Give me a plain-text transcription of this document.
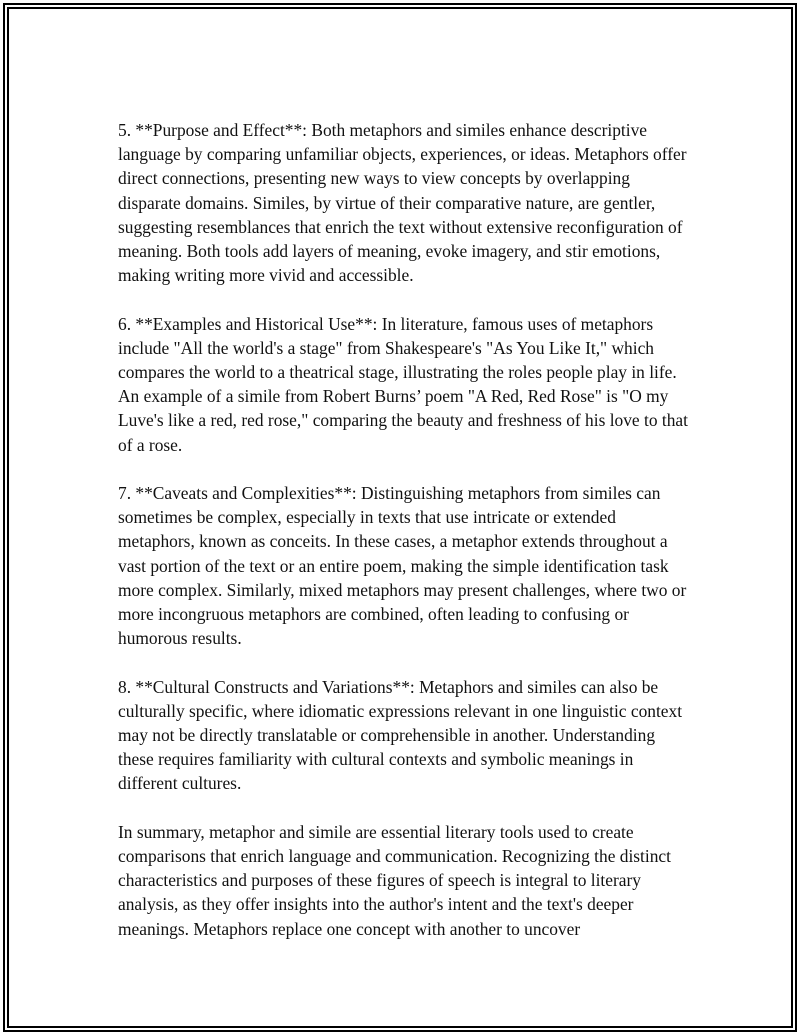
5. **Purpose and Effect**: Both metaphors and similes enhance descriptive language by comparing unfamiliar objects, experiences, or ideas. Metaphors offer direct connections, presenting new ways to view concepts by overlapping disparate domains. Similes, by virtue of their comparative nature, are gentler, suggesting resemblances that enrich the text without extensive reconfiguration of meaning. Both tools add layers of meaning, evoke imagery, and stir emotions, making writing more vivid and accessible.

6. **Examples and Historical Use**: In literature, famous uses of metaphors include "All the world's a stage" from Shakespeare's "As You Like It," which compares the world to a theatrical stage, illustrating the roles people play in life. An example of a simile from Robert Burns’ poem "A Red, Red Rose" is "O my Luve's like a red, red rose," comparing the beauty and freshness of his love to that of a rose.

7. **Caveats and Complexities**: Distinguishing metaphors from similes can sometimes be complex, especially in texts that use intricate or extended metaphors, known as conceits. In these cases, a metaphor extends throughout a vast portion of the text or an entire poem, making the simple identification task more complex. Similarly, mixed metaphors may present challenges, where two or more incongruous metaphors are combined, often leading to confusing or humorous results.

8. **Cultural Constructs and Variations**: Metaphors and similes can also be culturally specific, where idiomatic expressions relevant in one linguistic context may not be directly translatable or comprehensible in another. Understanding these requires familiarity with cultural contexts and symbolic meanings in different cultures.

In summary, metaphor and simile are essential literary tools used to create comparisons that enrich language and communication. Recognizing the distinct characteristics and purposes of these figures of speech is integral to literary analysis, as they offer insights into the author's intent and the text's deeper meanings. Metaphors replace one concept with another to uncover
